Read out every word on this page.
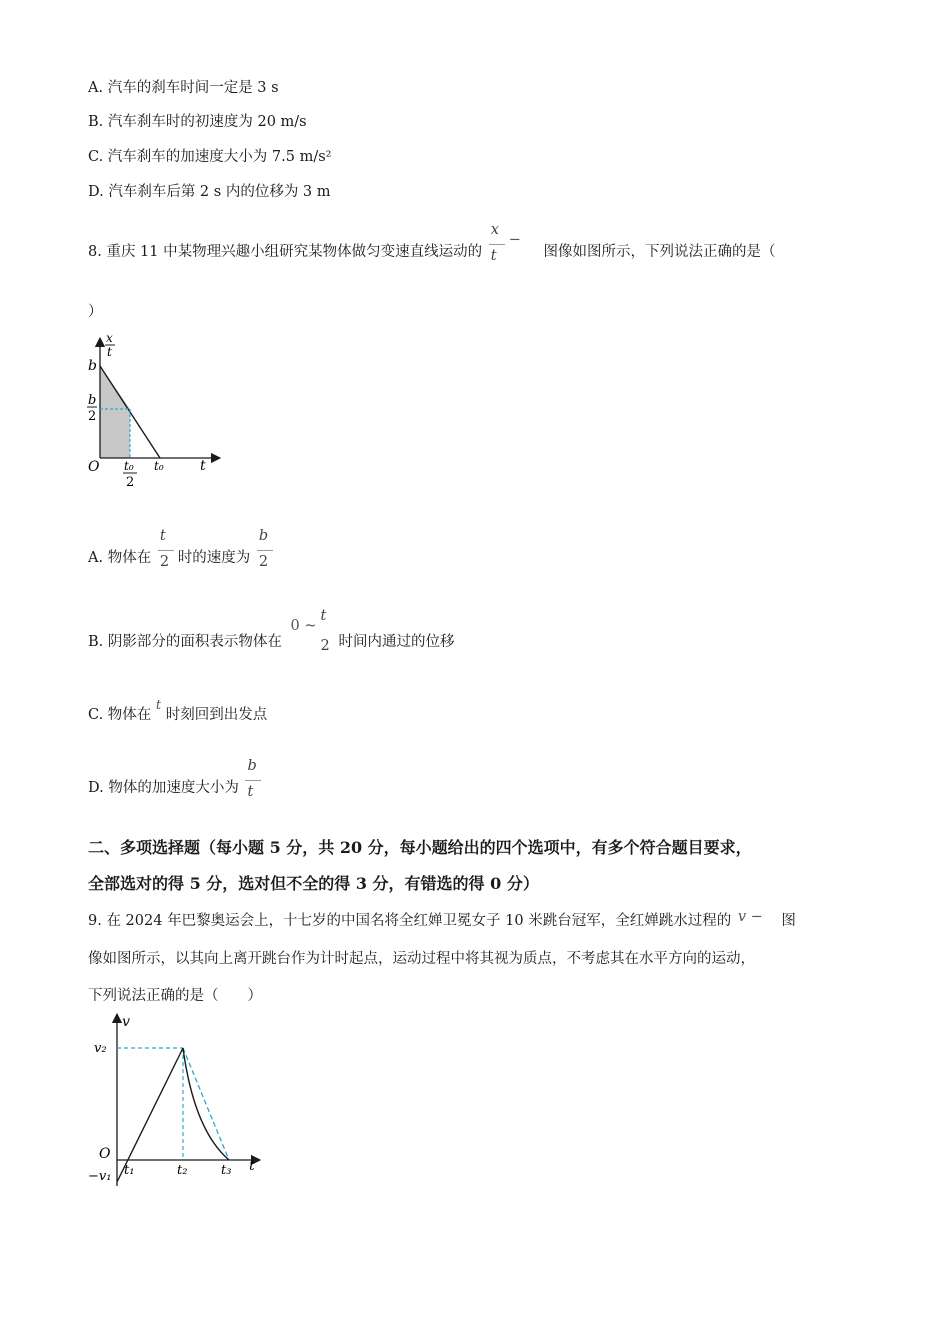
A. 汽车的刹车时间一定是 3 s
B. 汽车刹车时的初速度为 20 m/s
C. 汽车刹车的加速度大小为 7.5 m/s²
D. 汽车刹车后第 2 s 内的位移为 3 m
8. 重庆 11 中某物理兴趣小组研究某物体做匀变速直线运动的 $\frac{x}{t}$
− 图像如图所示，下列说法正确的是（
）
x
t
b
b
2
O t₀
2
t₀	t
A. 物体在 $\frac{t}{2}$ 时的速度为 $\frac{b}{2}$
B. 阴影部分的面积表示物体在 0 ~
t
2 时间内通过的位移
C. 物体在 t 时刻回到出发点
D. 物体的加速度大小为 $\frac{b}{t}$
二、多项选择题（每小题 5 分，共 20 分，每小题给出的四个选项中，有多个符合题目要求，
全部选对的得 5 分，选对但不全的得 3 分，有错选的得 0 分）
9. 在 2024 年巴黎奥运会上，十七岁的中国名将全红婵卫冕女子 10 米跳台冠军，全红婵跳水过程的 v − 图
像如图所示，以其向上离开跳台作为计时起点，运动过程中将其视为质点，不考虑其在水平方向的运动，
下列说法正确的是（　　）
v
v₂
O
−v₁ t₁	t₂	t₃ t
